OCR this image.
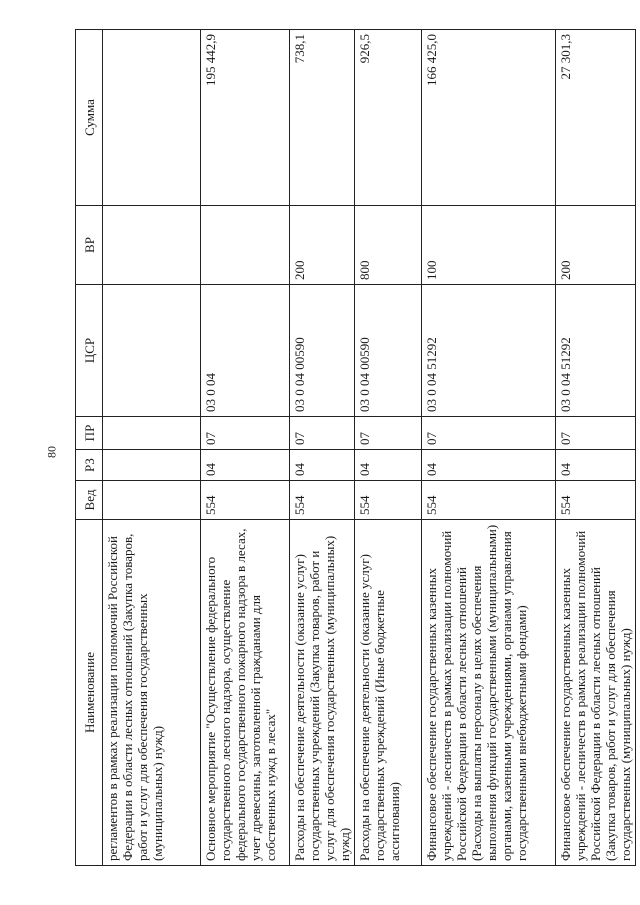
80
Наименование	Вед	РЗ	ПР	ЦСР	ВР	Сумма
регламентов в рамках реализации полномочий Российской Федерации в области лесных отношений (Закупка товаров, работ и услуг для обеспечения государственных (муниципальных) нужд)						
Основное мероприятие "Осуществление федерального государственного лесного надзора, осуществление федерального государственного пожарного надзора в лесах, учет древесины, заготовленной гражданами для собственных нужд в лесах"	554	04	07	03 0 04		195 442,9
Расходы на обеспечение деятельности (оказание услуг) государственных учреждений (Закупка товаров, работ и услуг для обеспечения государственных (муниципальных) нужд)	554	04	07	03 0 04 00590	200	738,1
Расходы на обеспечение деятельности (оказание услуг) государственных учреждений (Иные бюджетные ассигнования)	554	04	07	03 0 04 00590	800	926,5
Финансовое обеспечение государственных казенных учреждений - лесничеств в рамках реализации полномочий Российской Федерации в области лесных отношений (Расходы на выплаты персоналу в целях обеспечения выполнения функций государственными (муниципальными) органами, казенными учреждениями, органами управления государственными внебюджетными фондами)	554	04	07	03 0 04 51292	100	166 425,0
Финансовое обеспечение государственных казенных учреждений - лесничеств в рамках реализации полномочий Российской Федерации в области лесных отношений (Закупка товаров, работ и услуг для обеспечения государственных (муниципальных) нужд)	554	04	07	03 0 04 51292	200	27 301,3
